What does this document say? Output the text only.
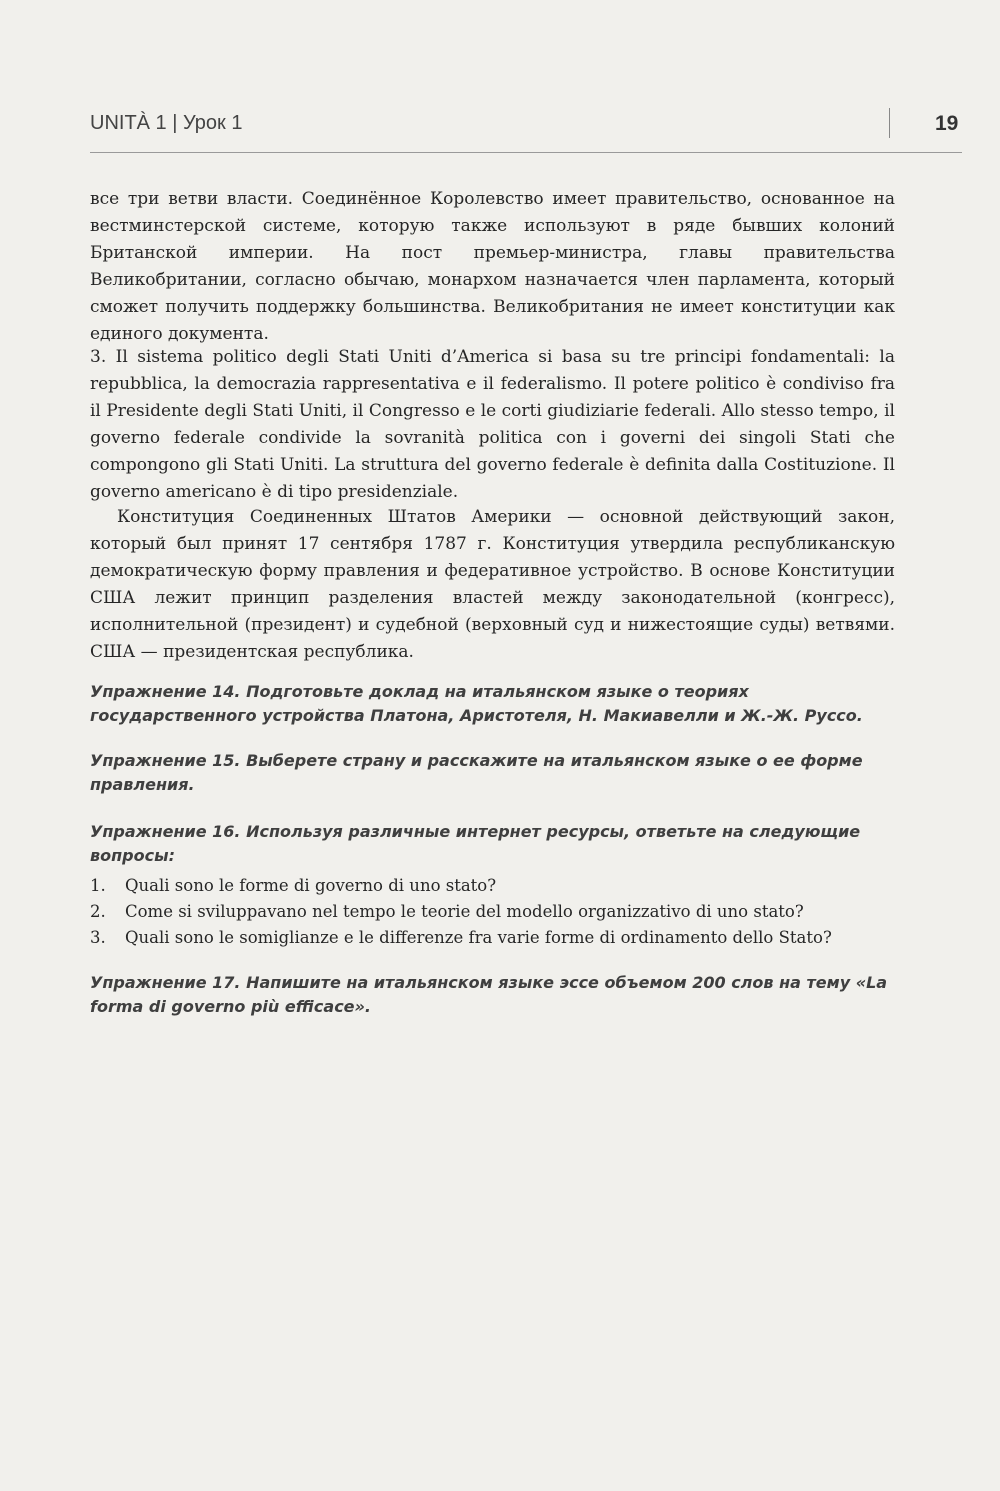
UNITÀ 1 | Урок 1	19

все три ветви власти. Соединённое Королевство имеет правительство, основанное на вестминстерской системе, которую также используют в ряде бывших колоний Британской империи. На пост премьер-министра, главы правительства Великобритании, согласно обычаю, монархом назначается член парламента, который сможет получить поддержку большинства. Великобритания не имеет конституции как единого документа.

3. Il sistema politico degli Stati Uniti d’America si basa su tre principi fondamentali: la repubblica, la democrazia rappresentativa e il federalismo. Il potere politico è condiviso fra il Presidente degli Stati Uniti, il Congresso e le corti giudiziarie federali. Allo stesso tempo, il governo federale condivide la sovranità politica con i governi dei singoli Stati che compongono gli Stati Uniti. La struttura del governo federale è definita dalla Costituzione. Il governo americano è di tipo presidenziale.

Конституция Соединенных Штатов Америки — основной действующий закон, который был принят 17 сентября 1787 г. Конституция утвердила республиканскую демократическую форму правления и федеративное устройство. В основе Конституции США лежит принцип разделения властей между законодательной (конгресс), исполнительной (президент) и судебной (верховный суд и нижестоящие суды) ветвями. США — президентская республика.

Упражнение 14. Подготовьте доклад на итальянском языке о теориях государственного устройства Платона, Аристотеля, Н. Макиавелли и Ж.-Ж. Руссо.

Упражнение 15. Выберете страну и расскажите на итальянском языке о ее форме правления.

Упражнение 16. Используя различные интернет ресурсы, ответьте на следующие вопросы:

1. Quali sono le forme di governo di uno stato?
2. Come si sviluppavano nel tempo le teorie del modello organizzativo di uno stato?
3. Quali sono le somiglianze e le differenze fra varie forme di ordinamento dello Stato?

Упражнение 17. Напишите на итальянском языке эссе объемом 200 слов на тему «La forma di governo più efficace».
